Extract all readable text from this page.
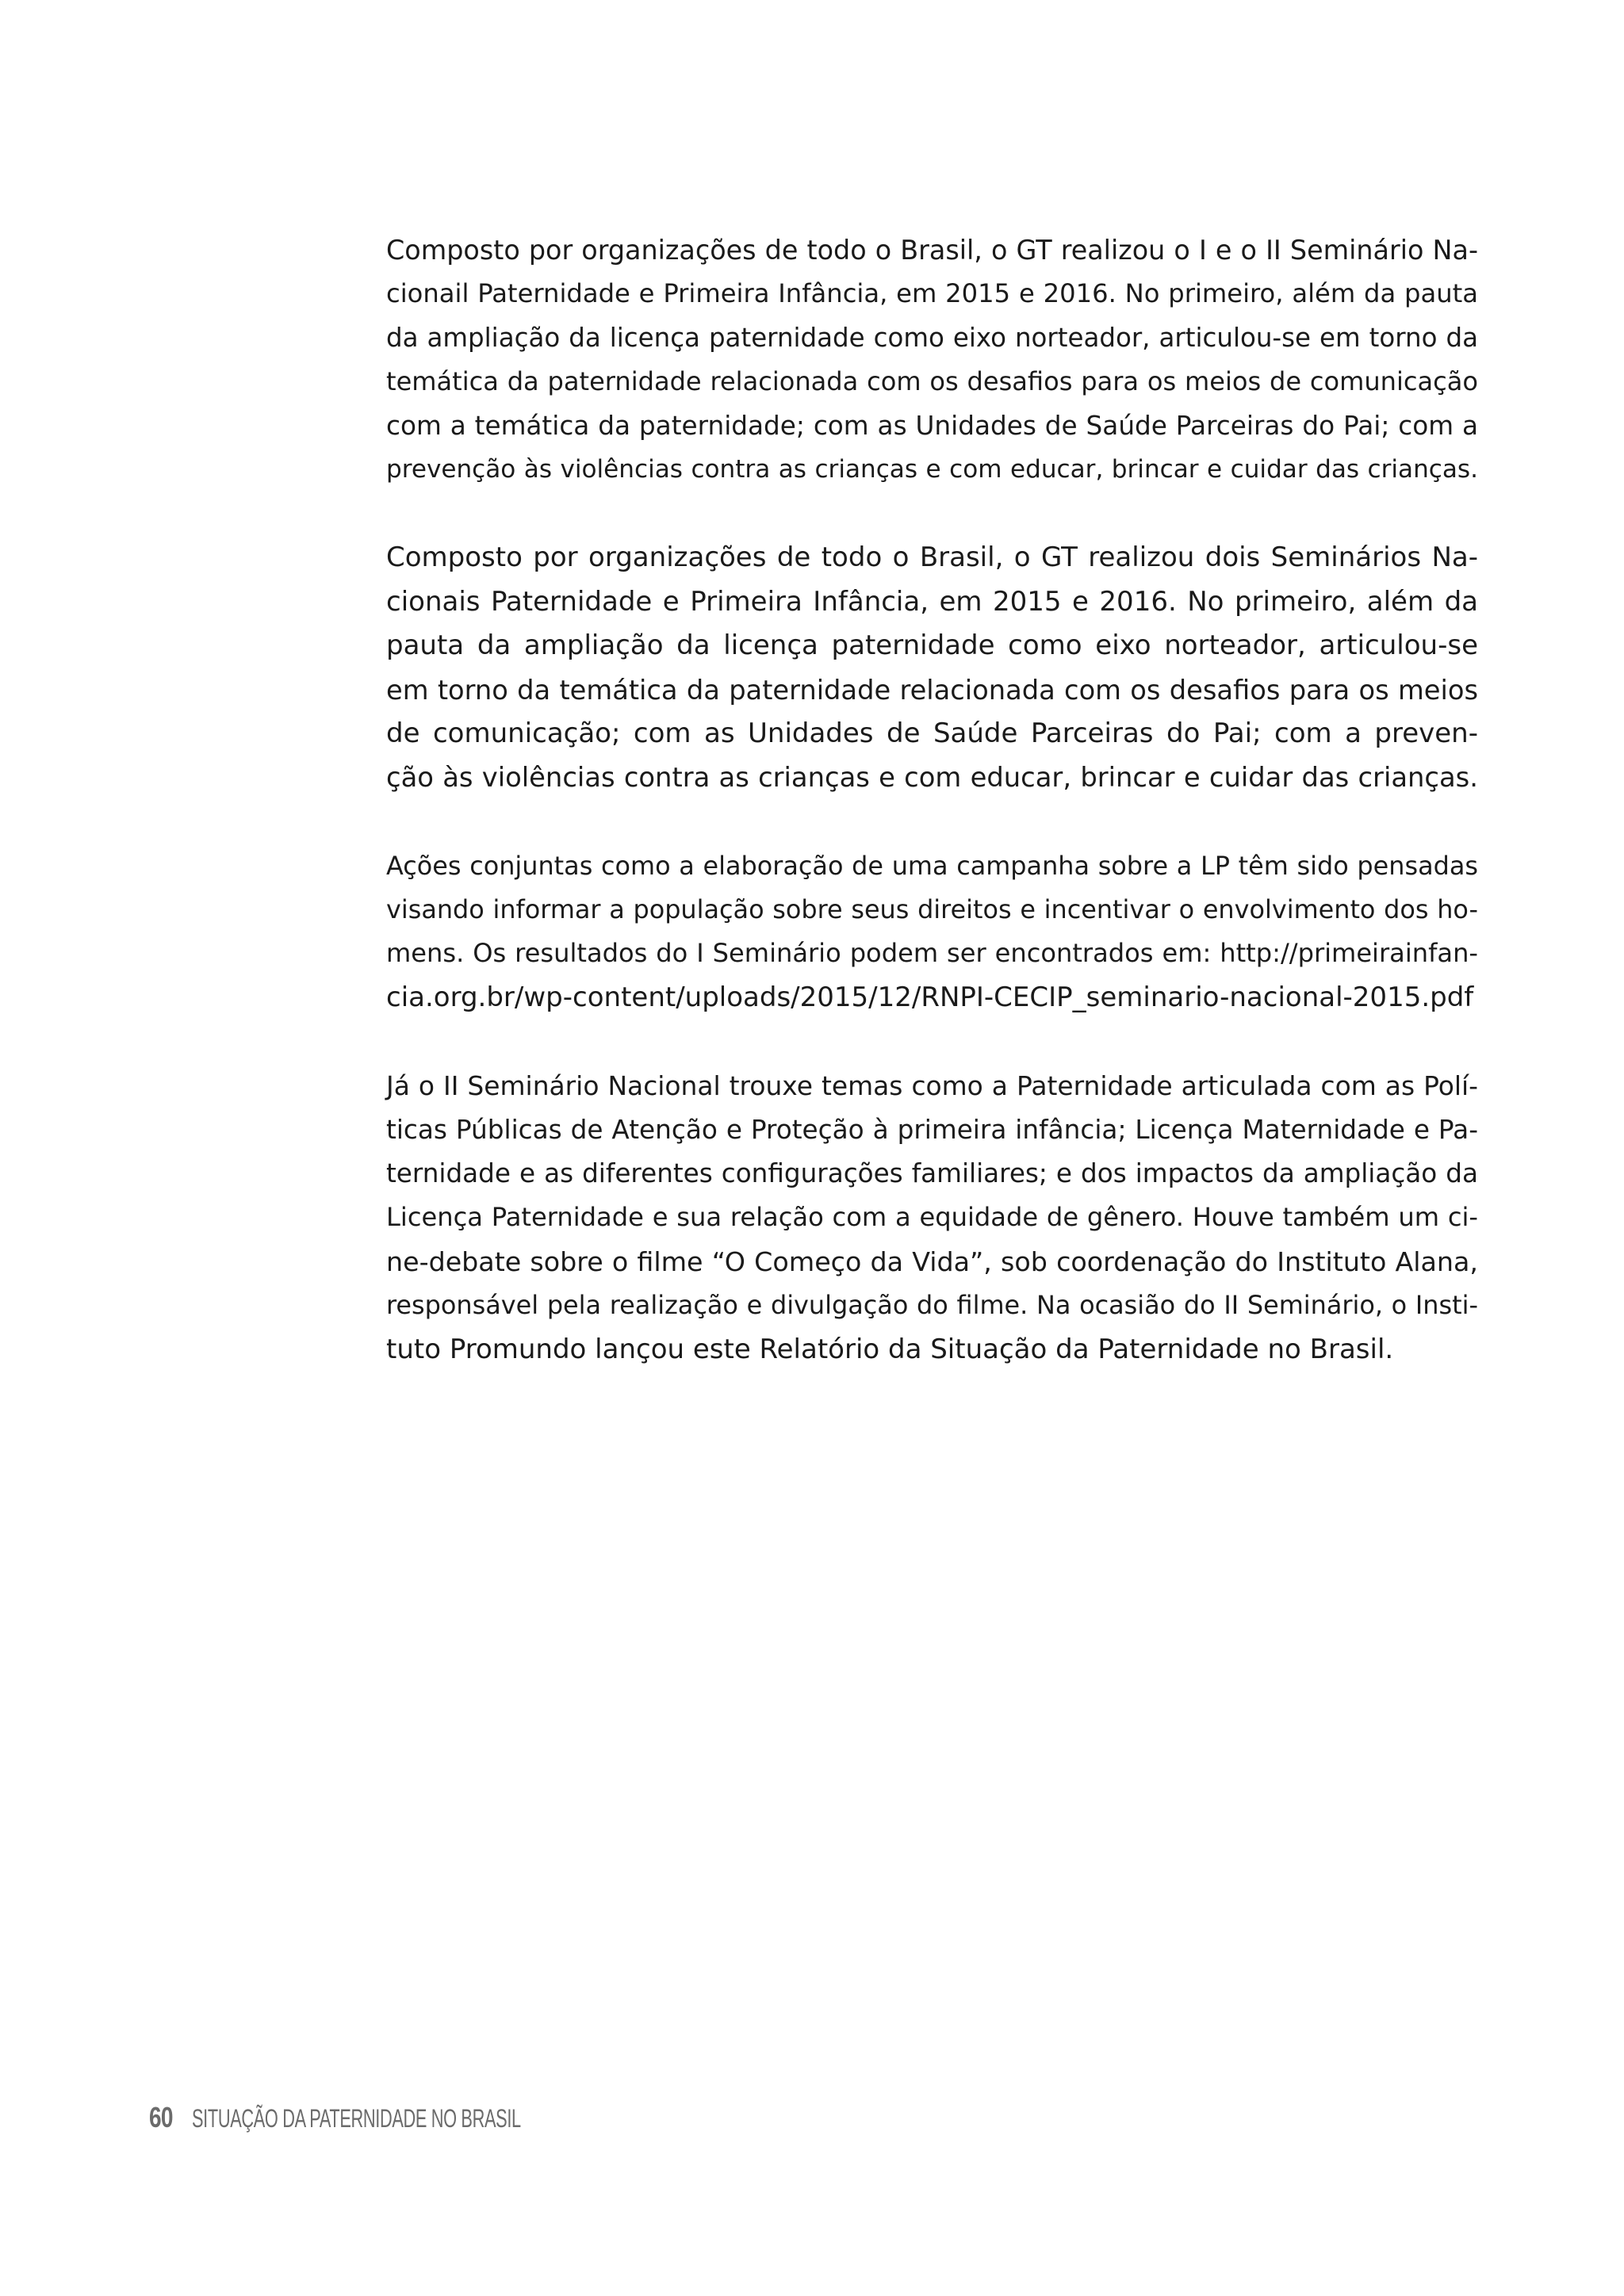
Composto por organizações de todo o Brasil, o GT realizou o I e o II Seminário Na-
cionail Paternidade e Primeira Infância, em 2015 e 2016. No primeiro, além da pauta
da ampliação da licença paternidade como eixo norteador, articulou-se em torno da
temática da paternidade relacionada com os desafios para os meios de comunicação
com a temática da paternidade; com as Unidades de Saúde Parceiras do Pai; com a
prevenção às violências contra as crianças e com educar, brincar e cuidar das crianças.
Composto por organizações de todo o Brasil, o GT realizou dois Seminários Na-
cionais Paternidade e Primeira Infância, em 2015 e 2016. No primeiro, além da
pauta da ampliação da licença paternidade como eixo norteador, articulou-se
em torno da temática da paternidade relacionada com os desafios para os meios
de comunicação; com as Unidades de Saúde Parceiras do Pai; com a preven-
ção às violências contra as crianças e com educar, brincar e cuidar das crianças.
Ações conjuntas como a elaboração de uma campanha sobre a LP têm sido pensadas
visando informar a população sobre seus direitos e incentivar o envolvimento dos ho-
mens. Os resultados do I Seminário podem ser encontrados em: http://primeirainfan-
cia.org.br/wp-content/uploads/2015/12/RNPI-CECIP_seminario-nacional-2015.pdf
Já o II Seminário Nacional trouxe temas como a Paternidade articulada com as Polí-
ticas Públicas de Atenção e Proteção à primeira infância; Licença Maternidade e Pa-
ternidade e as diferentes configurações familiares; e dos impactos da ampliação da
Licença Paternidade e sua relação com a equidade de gênero. Houve também um ci-
ne-debate sobre o filme “O Começo da Vida”, sob coordenação do Instituto Alana,
responsável pela realização e divulgação do filme. Na ocasião do II Seminário, o Insti-
tuto Promundo lançou este Relatório da Situação da Paternidade no Brasil.
60 SITUAÇÃO DA PATERNIDADE NO BRASIL
